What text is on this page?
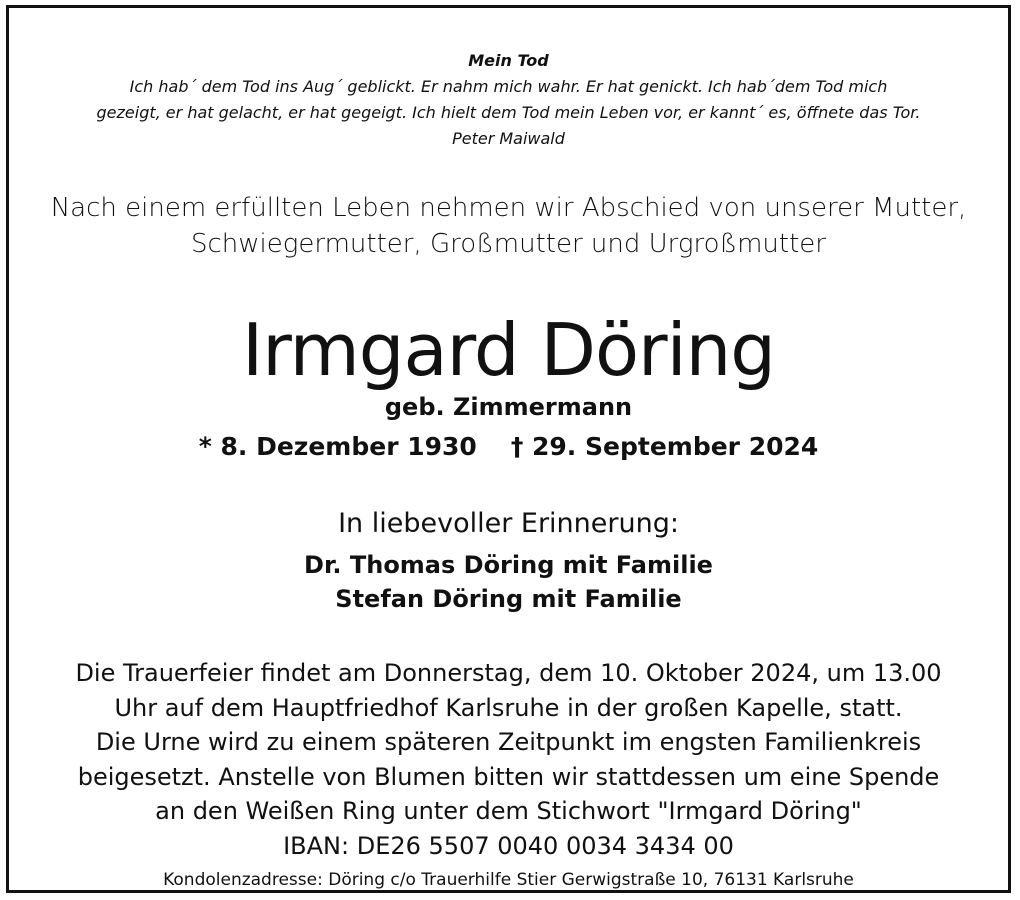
Mein Tod
Ich hab´ dem Tod ins Aug´ geblickt. Er nahm mich wahr. Er hat genickt. Ich hab´dem Tod mich
gezeigt, er hat gelacht, er hat gegeigt. Ich hielt dem Tod mein Leben vor, er kannt´ es, öffnete das Tor.
Peter Maiwald
Nach einem erfüllten Leben nehmen wir Abschied von unserer Mutter,
Schwiegermutter, Großmutter und Urgroßmutter
Irmgard Döring
geb. Zimmermann
* 8. Dezember 1930 † 29. September 2024
In liebevoller Erinnerung:
Dr. Thomas Döring mit Familie
Stefan Döring mit Familie
Die Trauerfeier findet am Donnerstag, dem 10. Oktober 2024, um 13.00
Uhr auf dem Hauptfriedhof Karlsruhe in der großen Kapelle, statt.
Die Urne wird zu einem späteren Zeitpunkt im engsten Familienkreis
beigesetzt. Anstelle von Blumen bitten wir stattdessen um eine Spende
an den Weißen Ring unter dem Stichwort "Irmgard Döring"
IBAN: DE26 5507 0040 0034 3434 00
Kondolenzadresse: Döring c/o Trauerhilfe Stier Gerwigstraße 10, 76131 Karlsruhe
